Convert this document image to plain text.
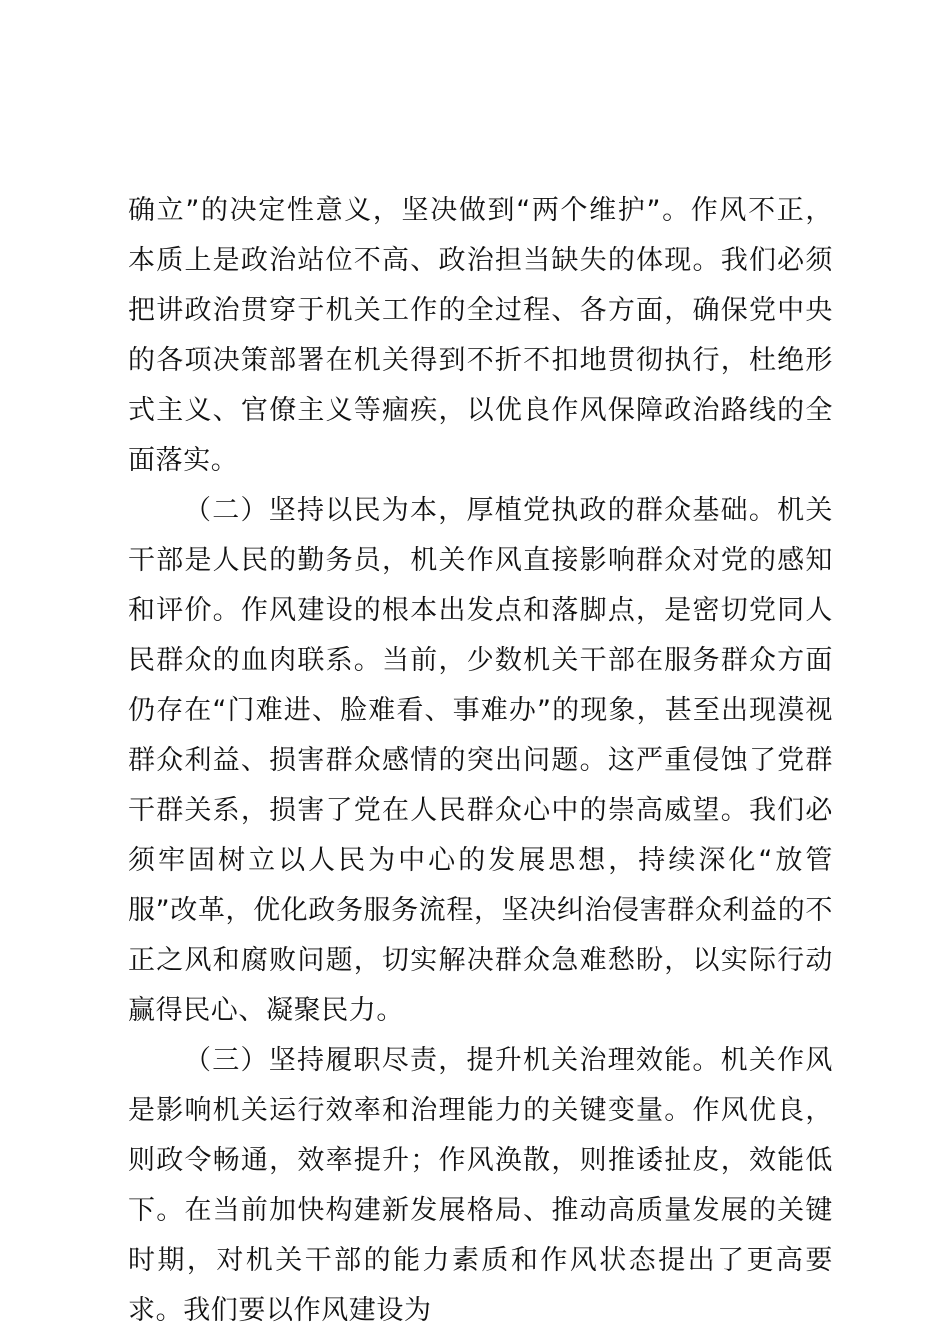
确立”的决定性意义，坚决做到“两个维护”。作风不正，本质上是政治站位不高、政治担当缺失的体现。我们必须把讲政治贯穿于机关工作的全过程、各方面，确保党中央的各项决策部署在机关得到不折不扣地贯彻执行，杜绝形式主义、官僚主义等痼疾，以优良作风保障政治路线的全面落实。

（二）坚持以民为本，厚植党执政的群众基础。机关干部是人民的勤务员，机关作风直接影响群众对党的感知和评价。作风建设的根本出发点和落脚点，是密切党同人民群众的血肉联系。当前，少数机关干部在服务群众方面仍存在“门难进、脸难看、事难办”的现象，甚至出现漠视群众利益、损害群众感情的突出问题。这严重侵蚀了党群干群关系，损害了党在人民群众心中的崇高威望。我们必须牢固树立以人民为中心的发展思想，持续深化“放管服”改革，优化政务服务流程，坚决纠治侵害群众利益的不正之风和腐败问题，切实解决群众急难愁盼，以实际行动赢得民心、凝聚民力。

（三）坚持履职尽责，提升机关治理效能。机关作风是影响机关运行效率和治理能力的关键变量。作风优良，则政令畅通，效率提升；作风涣散，则推诿扯皮，效能低下。在当前加快构建新发展格局、推动高质量发展的关键时期，对机关干部的能力素质和作风状态提出了更高要求。我们要以作风建设为
